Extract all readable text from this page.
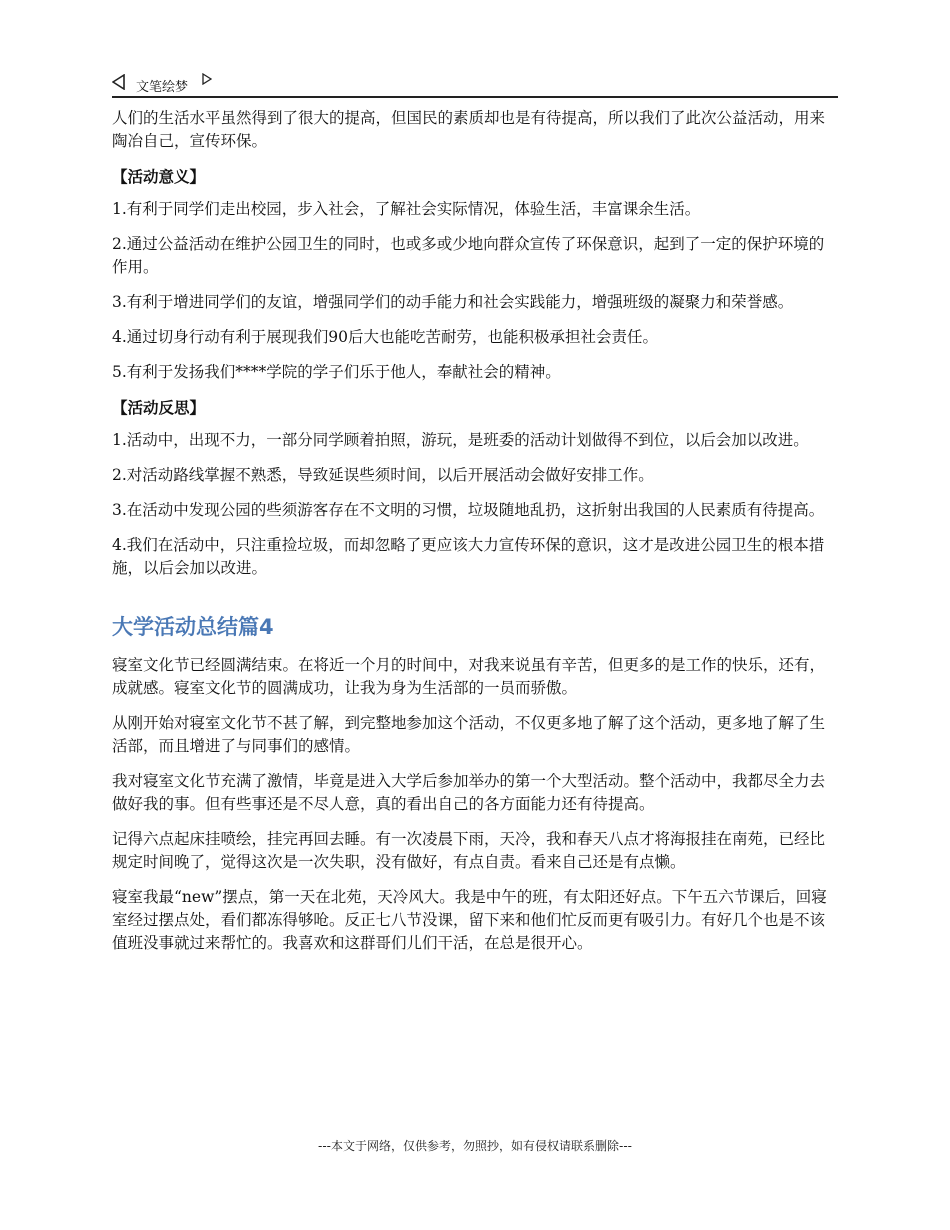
文笔绘梦

人们的生活水平虽然得到了很大的提高，但国民的素质却也是有待提高，所以我们了此次公益活动，用来陶冶自己，宣传环保。

【活动意义】

1.有利于同学们走出校园，步入社会，了解社会实际情况，体验生活，丰富课余生活。

2.通过公益活动在维护公园卫生的同时，也或多或少地向群众宣传了环保意识，起到了一定的保护环境的作用。

3.有利于增进同学们的友谊，增强同学们的动手能力和社会实践能力，增强班级的凝聚力和荣誉感。

4.通过切身行动有利于展现我们90后大也能吃苦耐劳，也能积极承担社会责任。

5.有利于发扬我们****学院的学子们乐于他人，奉献社会的精神。

【活动反思】

1.活动中，出现不力，一部分同学顾着拍照，游玩，是班委的活动计划做得不到位，以后会加以改进。

2.对活动路线掌握不熟悉，导致延误些须时间，以后开展活动会做好安排工作。

3.在活动中发现公园的些须游客存在不文明的习惯，垃圾随地乱扔，这折射出我国的人民素质有待提高。

4.我们在活动中，只注重捡垃圾，而却忽略了更应该大力宣传环保的意识，这才是改进公园卫生的根本措施，以后会加以改进。

大学活动总结篇4

寝室文化节已经圆满结束。在将近一个月的时间中，对我来说虽有辛苦，但更多的是工作的快乐，还有，成就感。寝室文化节的圆满成功，让我为身为生活部的一员而骄傲。

从刚开始对寝室文化节不甚了解，到完整地参加这个活动，不仅更多地了解了这个活动，更多地了解了生活部，而且增进了与同事们的感情。

我对寝室文化节充满了激情，毕竟是进入大学后参加举办的第一个大型活动。整个活动中，我都尽全力去做好我的事。但有些事还是不尽人意，真的看出自己的各方面能力还有待提高。

记得六点起床挂喷绘，挂完再回去睡。有一次凌晨下雨，天冷，我和春天八点才将海报挂在南苑，已经比规定时间晚了，觉得这次是一次失职，没有做好，有点自责。看来自己还是有点懒。

寝室我最“new”摆点，第一天在北苑，天冷风大。我是中午的班，有太阳还好点。下午五六节课后，回寝室经过摆点处，看们都冻得够呛。反正七八节没课，留下来和他们忙反而更有吸引力。有好几个也是不该值班没事就过来帮忙的。我喜欢和这群哥们儿们干活，在总是很开心。

---本文于网络，仅供参考，勿照抄，如有侵权请联系删除---
